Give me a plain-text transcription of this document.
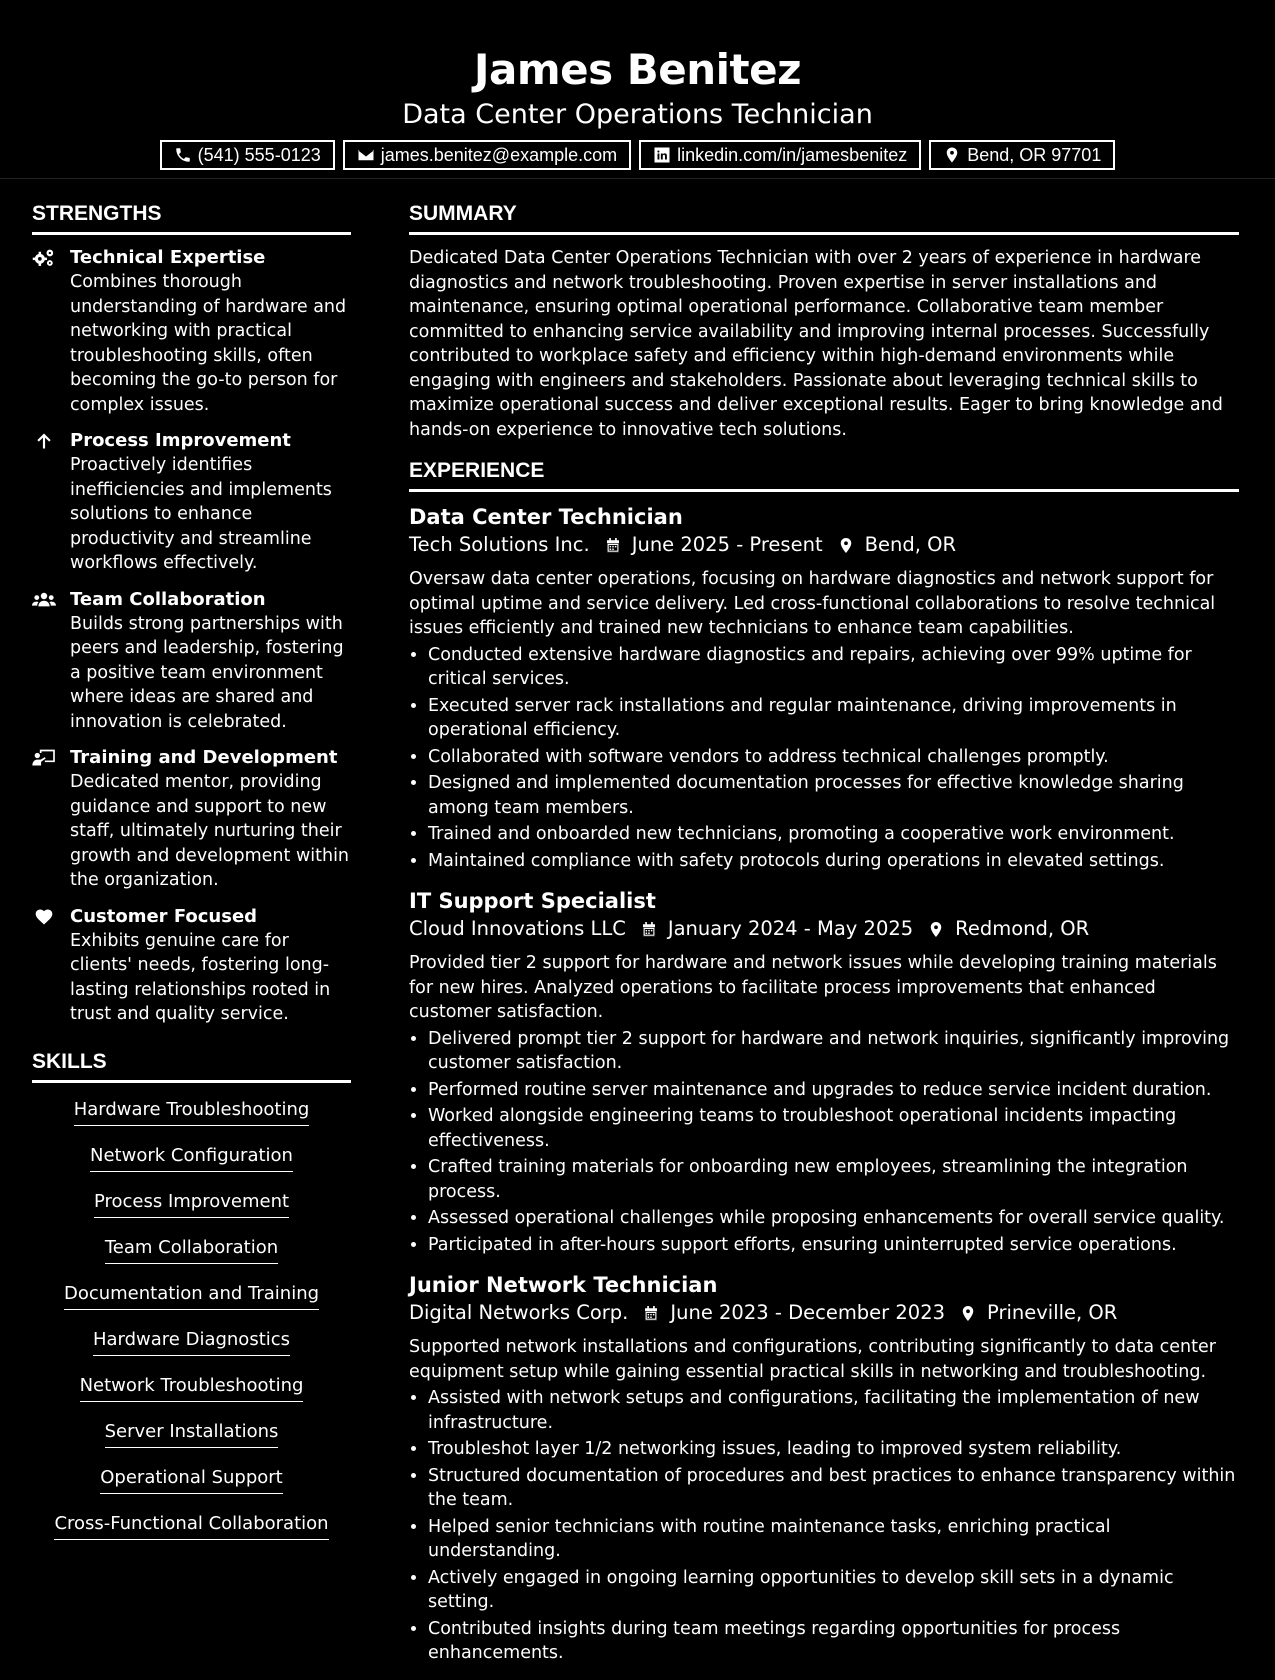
James Benitez
Data Center Operations Technician
(541) 555-0123	james.benitez@example.com	linkedin.com/in/jamesbenitez	Bend, OR 97701
STRENGTHS
Technical Expertise
Combines thorough understanding of hardware and networking with practical troubleshooting skills, often becoming the go-to person for complex issues.
Process Improvement
Proactively identifies inefficiencies and implements solutions to enhance productivity and streamline workflows effectively.
Team Collaboration
Builds strong partnerships with peers and leadership, fostering a positive team environment where ideas are shared and innovation is celebrated.
Training and Development
Dedicated mentor, providing guidance and support to new staff, ultimately nurturing their growth and development within the organization.
Customer Focused
Exhibits genuine care for clients' needs, fostering long-lasting relationships rooted in trust and quality service.
SKILLS
Hardware Troubleshooting
Network Configuration
Process Improvement
Team Collaboration
Documentation and Training
Hardware Diagnostics
Network Troubleshooting
Server Installations
Operational Support
Cross-Functional Collaboration
SUMMARY
Dedicated Data Center Operations Technician with over 2 years of experience in hardware diagnostics and network troubleshooting. Proven expertise in server installations and maintenance, ensuring optimal operational performance. Collaborative team member committed to enhancing service availability and improving internal processes. Successfully contributed to workplace safety and efficiency within high-demand environments while engaging with engineers and stakeholders. Passionate about leveraging technical skills to maximize operational success and deliver exceptional results. Eager to bring knowledge and hands-on experience to innovative tech solutions.
EXPERIENCE
Data Center Technician
Tech Solutions Inc. June 2025 - Present Bend, OR
Oversaw data center operations, focusing on hardware diagnostics and network support for optimal uptime and service delivery. Led cross-functional collaborations to resolve technical issues efficiently and trained new technicians to enhance team capabilities.
• Conducted extensive hardware diagnostics and repairs, achieving over 99% uptime for critical services.
• Executed server rack installations and regular maintenance, driving improvements in operational efficiency.
• Collaborated with software vendors to address technical challenges promptly.
• Designed and implemented documentation processes for effective knowledge sharing among team members.
• Trained and onboarded new technicians, promoting a cooperative work environment.
• Maintained compliance with safety protocols during operations in elevated settings.
IT Support Specialist
Cloud Innovations LLC January 2024 - May 2025 Redmond, OR
Provided tier 2 support for hardware and network issues while developing training materials for new hires. Analyzed operations to facilitate process improvements that enhanced customer satisfaction.
• Delivered prompt tier 2 support for hardware and network inquiries, significantly improving customer satisfaction.
• Performed routine server maintenance and upgrades to reduce service incident duration.
• Worked alongside engineering teams to troubleshoot operational incidents impacting effectiveness.
• Crafted training materials for onboarding new employees, streamlining the integration process.
• Assessed operational challenges while proposing enhancements for overall service quality.
• Participated in after-hours support efforts, ensuring uninterrupted service operations.
Junior Network Technician
Digital Networks Corp. June 2023 - December 2023 Prineville, OR
Supported network installations and configurations, contributing significantly to data center equipment setup while gaining essential practical skills in networking and troubleshooting.
• Assisted with network setups and configurations, facilitating the implementation of new infrastructure.
• Troubleshot layer 1/2 networking issues, leading to improved system reliability.
• Structured documentation of procedures and best practices to enhance transparency within the team.
• Helped senior technicians with routine maintenance tasks, enriching practical understanding.
• Actively engaged in ongoing learning opportunities to develop skill sets in a dynamic setting.
• Contributed insights during team meetings regarding opportunities for process enhancements.
